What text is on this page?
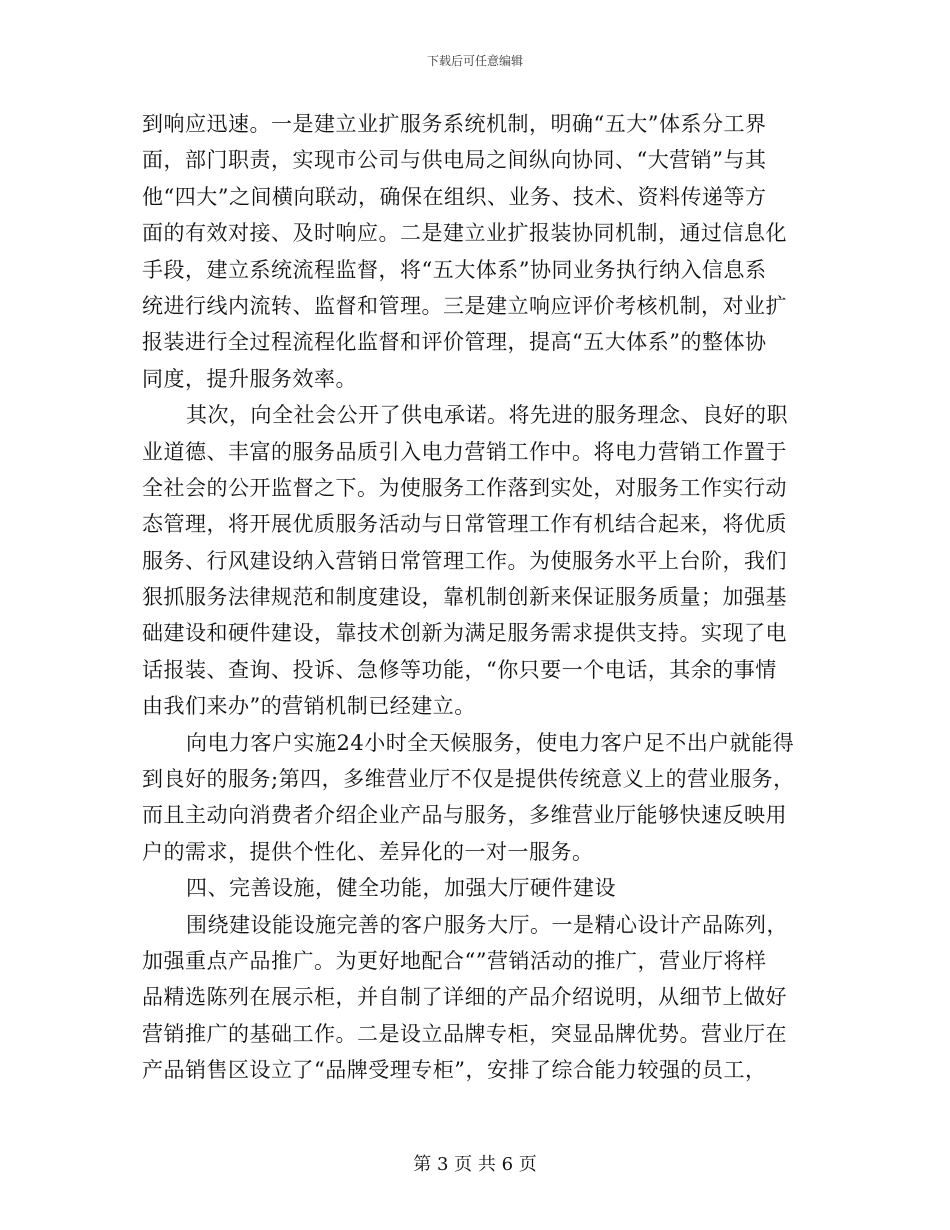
下载后可任意编辑
到响应迅速。一是建立业扩服务系统机制，明确“五大”体系分工界
面，部门职责，实现市公司与供电局之间纵向协同、“大营销”与其
他“四大”之间横向联动，确保在组织、业务、技术、资料传递等方
面的有效对接、及时响应。二是建立业扩报装协同机制，通过信息化
手段，建立系统流程监督，将“五大体系”协同业务执行纳入信息系
统进行线内流转、监督和管理。三是建立响应评价考核机制，对业扩
报装进行全过程流程化监督和评价管理，提高“五大体系”的整体协
同度，提升服务效率。
其次，向全社会公开了供电承诺。将先进的服务理念、良好的职
业道德、丰富的服务品质引入电力营销工作中。将电力营销工作置于
全社会的公开监督之下。为使服务工作落到实处，对服务工作实行动
态管理，将开展优质服务活动与日常管理工作有机结合起来，将优质
服务、行风建设纳入营销日常管理工作。为使服务水平上台阶，我们
狠抓服务法律规范和制度建设，靠机制创新来保证服务质量；加强基
础建设和硬件建设，靠技术创新为满足服务需求提供支持。实现了电
话报装、查询、投诉、急修等功能，“你只要一个电话，其余的事情
由我们来办”的营销机制已经建立。
向电力客户实施24小时全天候服务，使电力客户足不出户就能得
到良好的服务;第四，多维营业厅不仅是提供传统意义上的营业服务，
而且主动向消费者介绍企业产品与服务，多维营业厅能够快速反映用
户的需求，提供个性化、差异化的一对一服务。
四、完善设施，健全功能，加强大厅硬件建设
围绕建设能设施完善的客户服务大厅。一是精心设计产品陈列，
加强重点产品推广。为更好地配合“”营销活动的推广，营业厅将样
品精选陈列在展示柜，并自制了详细的产品介绍说明，从细节上做好
营销推广的基础工作。二是设立品牌专柜，突显品牌优势。营业厅在
产品销售区设立了“品牌受理专柜”，安排了综合能力较强的员工，
第 3 页 共 6 页
